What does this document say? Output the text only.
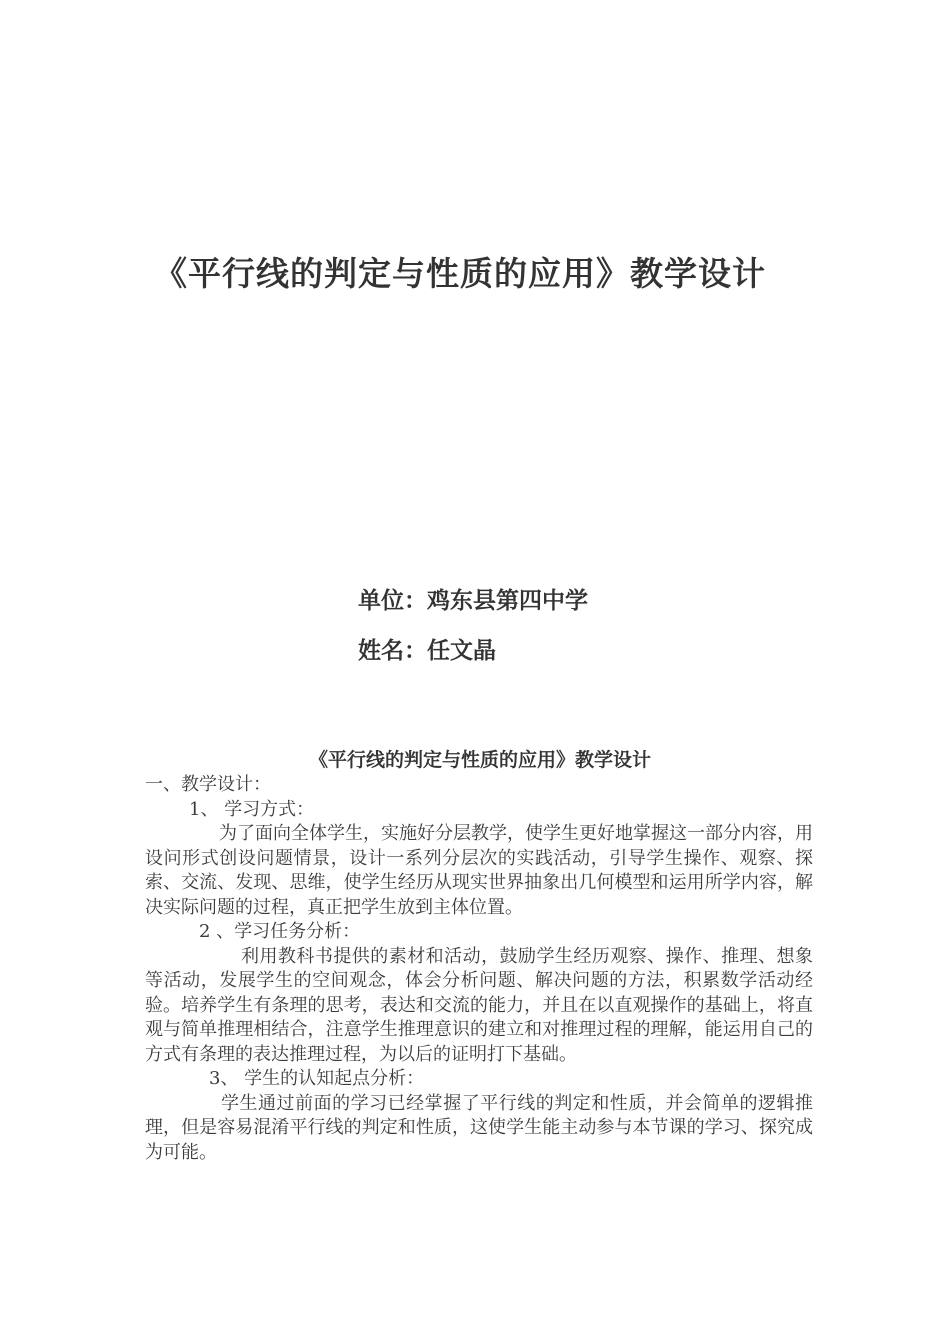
《平行线的判定与性质的应用》教学设计
单位：鸡东县第四中学
姓名：任文晶
《平行线的判定与性质的应用》教学设计
一、教学设计：
1、 学习方式：
为了面向全体学生，实施好分层教学，使学生更好地掌握这一部分内容，用设问形式创设问题情景，设计一系列分层次的实践活动，引导学生操作、观察、探索、交流、发现、思维，使学生经历从现实世界抽象出几何模型和运用所学内容，解决实际问题的过程，真正把学生放到主体位置。
2 、学习任务分析：
利用教科书提供的素材和活动，鼓励学生经历观察、操作、推理、想象等活动，发展学生的空间观念，体会分析问题、解决问题的方法，积累数学活动经验。培养学生有条理的思考，表达和交流的能力，并且在以直观操作的基础上，将直观与简单推理相结合，注意学生推理意识的建立和对推理过程的理解，能运用自己的方式有条理的表达推理过程，为以后的证明打下基础。
3、 学生的认知起点分析：
学生通过前面的学习已经掌握了平行线的判定和性质，并会简单的逻辑推理，但是容易混淆平行线的判定和性质，这使学生能主动参与本节课的学习、探究成为可能。
